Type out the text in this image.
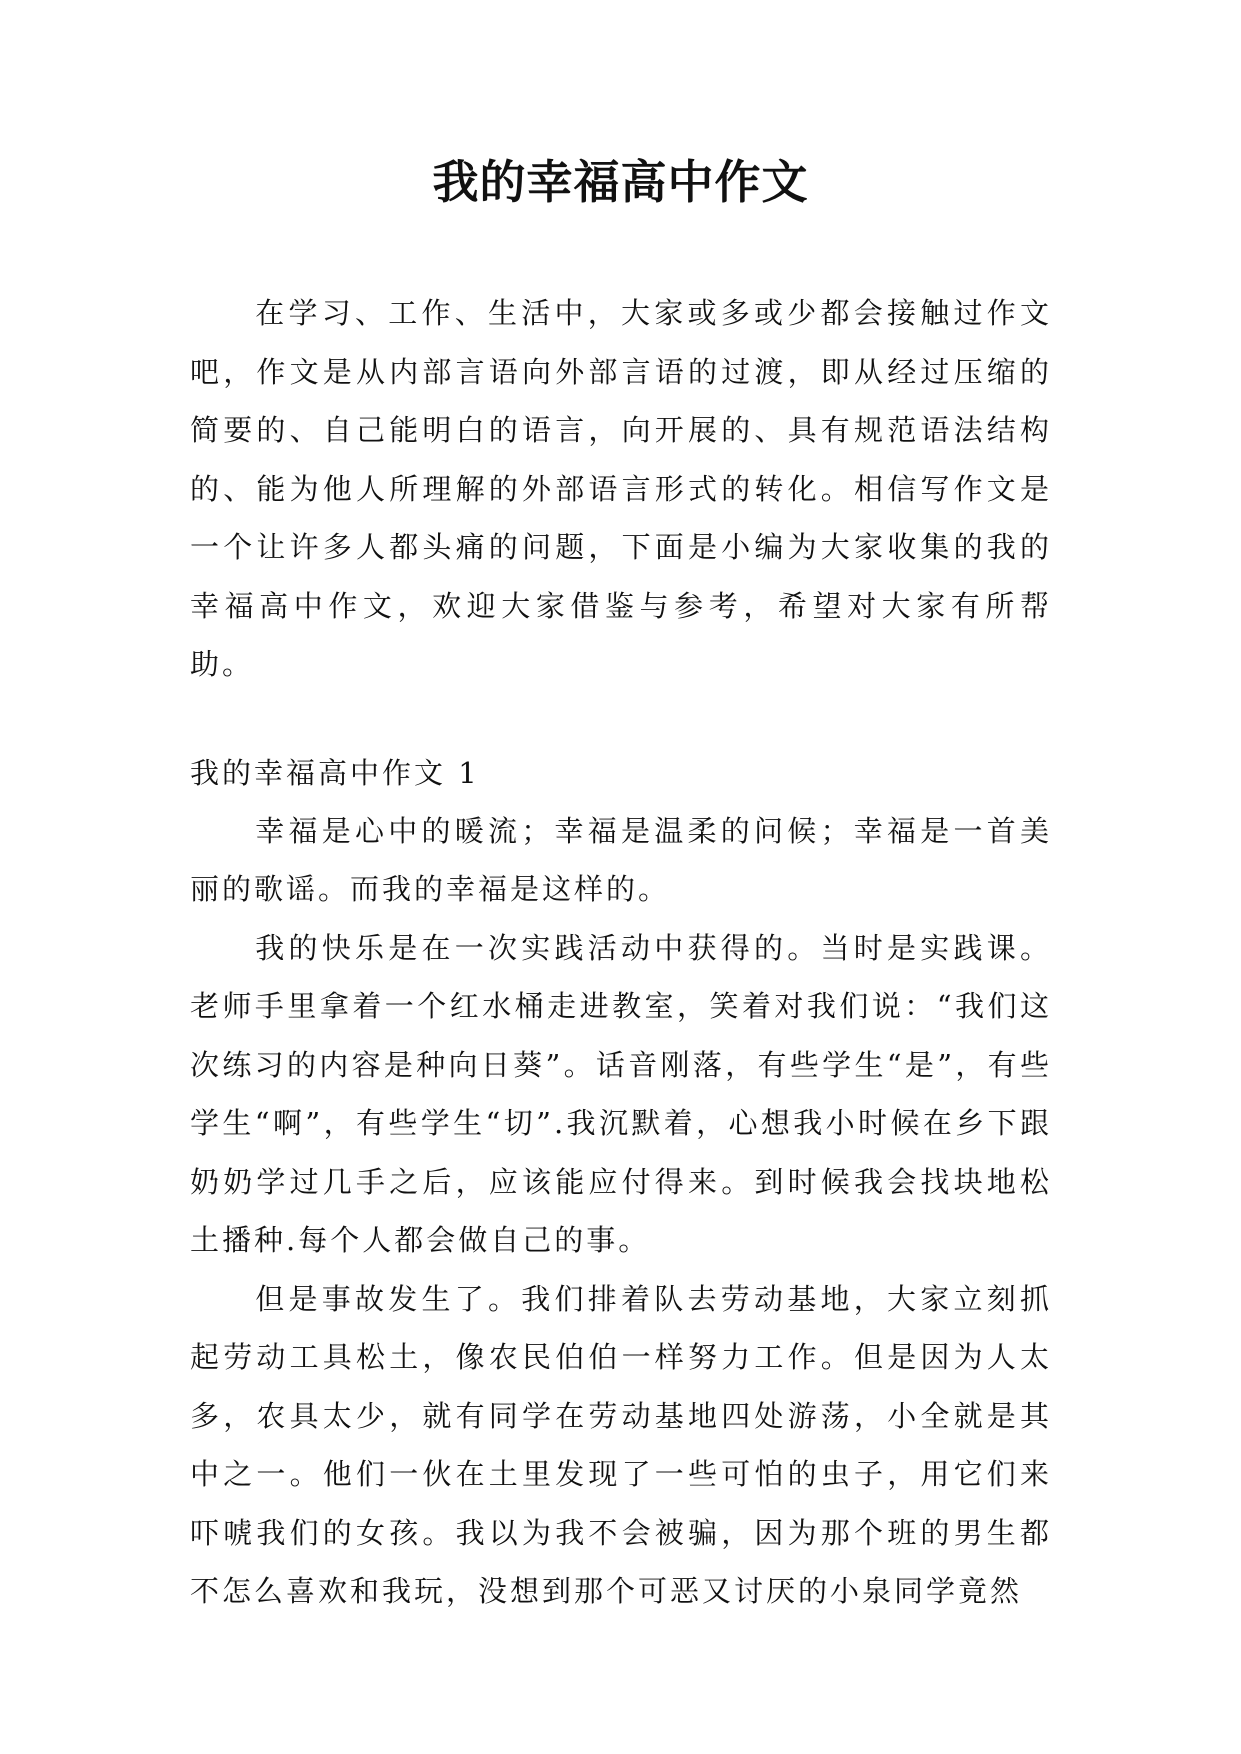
我的幸福高中作文

在学习、工作、生活中，大家或多或少都会接触过作文吧，作文是从内部言语向外部言语的过渡，即从经过压缩的简要的、自己能明白的语言，向开展的、具有规范语法结构的、能为他人所理解的外部语言形式的转化。相信写作文是一个让许多人都头痛的问题，下面是小编为大家收集的我的幸福高中作文，欢迎大家借鉴与参考，希望对大家有所帮助。

我的幸福高中作文 1

幸福是心中的暖流；幸福是温柔的问候；幸福是一首美丽的歌谣。而我的幸福是这样的。

我的快乐是在一次实践活动中获得的。当时是实践课。老师手里拿着一个红水桶走进教室，笑着对我们说：“我们这次练习的内容是种向日葵”。话音刚落，有些学生“是”，有些学生“啊”，有些学生“切”.我沉默着，心想我小时候在乡下跟奶奶学过几手之后，应该能应付得来。到时候我会找块地松土播种.每个人都会做自己的事。

但是事故发生了。我们排着队去劳动基地，大家立刻抓起劳动工具松土，像农民伯伯一样努力工作。但是因为人太多，农具太少，就有同学在劳动基地四处游荡，小全就是其中之一。他们一伙在土里发现了一些可怕的虫子，用它们来吓唬我们的女孩。我以为我不会被骗，因为那个班的男生都不怎么喜欢和我玩，没想到那个可恶又讨厌的小泉同学竟然
